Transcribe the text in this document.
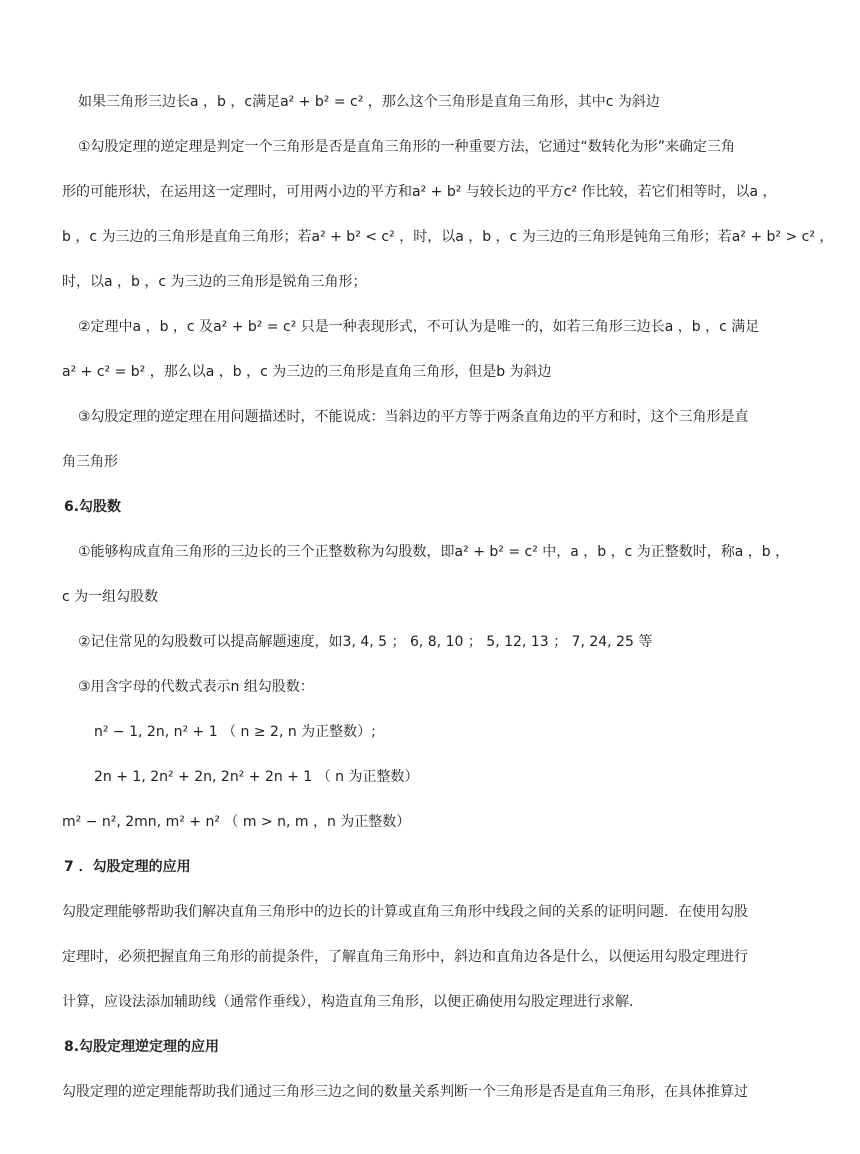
如果三角形三边长a ，b ，c满足a² + b² = c² ，那么这个三角形是直角三角形，其中c 为斜边
①勾股定理的逆定理是判定一个三角形是否是直角三角形的一种重要方法，它通过“数转化为形”来确定三角
形的可能形状，在运用这一定理时，可用两小边的平方和a² + b² 与较长边的平方c² 作比较，若它们相等时，以a ，
b ，c 为三边的三角形是直角三角形；若a² + b² < c² ，时，以a ，b ，c 为三边的三角形是钝角三角形；若a² + b² > c² ，
时，以a ，b ，c 为三边的三角形是锐角三角形；
②定理中a ，b ，c 及a² + b² = c² 只是一种表现形式，不可认为是唯一的，如若三角形三边长a ，b ，c 满足
a² + c² = b² ，那么以a ，b ，c 为三边的三角形是直角三角形，但是b 为斜边
③勾股定理的逆定理在用问题描述时，不能说成：当斜边的平方等于两条直角边的平方和时，这个三角形是直
角三角形
6.勾股数
①能够构成直角三角形的三边长的三个正整数称为勾股数，即a² + b² = c² 中，a ，b ，c 为正整数时，称a ，b ，
c 为一组勾股数
②记住常见的勾股数可以提高解题速度，如3, 4, 5 ； 6, 8, 10 ； 5, 12, 13 ； 7, 24, 25 等
③用含字母的代数式表示n 组勾股数：
n² − 1, 2n, n² + 1 （ n ≥ 2, n 为正整数）;
2n + 1, 2n² + 2n, 2n² + 2n + 1 （ n 为正整数）
m² − n², 2mn, m² + n² （ m > n, m ，n 为正整数）
7 ．勾股定理的应用
勾股定理能够帮助我们解决直角三角形中的边长的计算或直角三角形中线段之间的关系的证明问题．在使用勾股
定理时，必须把握直角三角形的前提条件，了解直角三角形中，斜边和直角边各是什么，以便运用勾股定理进行
计算，应设法添加辅助线（通常作垂线），构造直角三角形，以便正确使用勾股定理进行求解．
8.勾股定理逆定理的应用
勾股定理的逆定理能帮助我们通过三角形三边之间的数量关系判断一个三角形是否是直角三角形，在具体推算过
